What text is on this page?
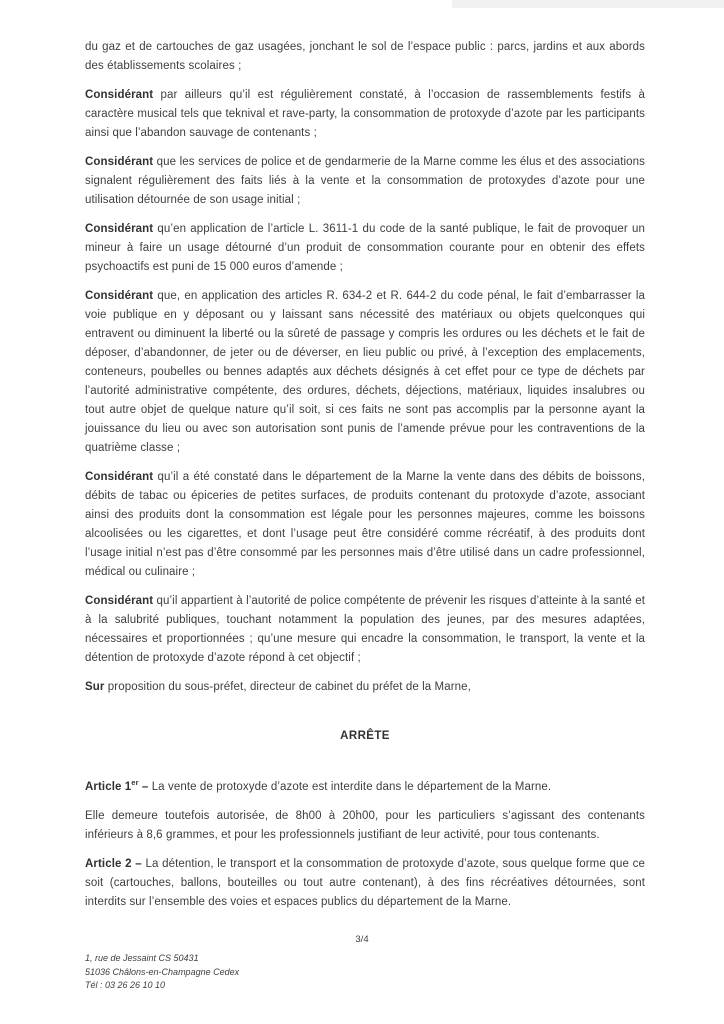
du gaz et de cartouches de gaz usagées, jonchant le sol de l’espace public : parcs, jardins et aux abords des établissements scolaires ;

Considérant par ailleurs qu’il est régulièrement constaté, à l’occasion de rassemblements festifs à caractère musical tels que teknival et rave-party, la consommation de protoxyde d’azote par les participants ainsi que l’abandon sauvage de contenants ;

Considérant que les services de police et de gendarmerie de la Marne comme les élus et des associations signalent régulièrement des faits liés à la vente et la consommation de protoxydes d’azote pour une utilisation détournée de son usage initial ;

Considérant qu’en application de l’article L. 3611-1 du code de la santé publique, le fait de provoquer un mineur à faire un usage détourné d’un produit de consommation courante pour en obtenir des effets psychoactifs est puni de 15 000 euros d’amende ;

Considérant que, en application des articles R. 634-2 et R. 644-2 du code pénal, le fait d’embarrasser la voie publique en y déposant ou y laissant sans nécessité des matériaux ou objets quelconques qui entravent ou diminuent la liberté ou la sûreté de passage y compris les ordures ou les déchets et le fait de déposer, d’abandonner, de jeter ou de déverser, en lieu public ou privé, à l’exception des emplacements, conteneurs, poubelles ou bennes adaptés aux déchets désignés à cet effet pour ce type de déchets par l’autorité administrative compétente, des ordures, déchets, déjections, matériaux, liquides insalubres ou tout autre objet de quelque nature qu’il soit, si ces faits ne sont pas accomplis par la personne ayant la jouissance du lieu ou avec son autorisation sont punis de l’amende prévue pour les contraventions de la quatrième classe ;

Considérant qu’il a été constaté dans le département de la Marne la vente dans des débits de boissons, débits de tabac ou épiceries de petites surfaces, de produits contenant du protoxyde d’azote, associant ainsi des produits dont la consommation est légale pour les personnes majeures, comme les boissons alcoolisées ou les cigarettes, et dont l’usage peut être considéré comme récréatif, à des produits dont l’usage initial n’est pas d’être consommé par les personnes mais d’être utilisé dans un cadre professionnel, médical ou culinaire ;

Considérant qu’il appartient à l’autorité de police compétente de prévenir les risques d’atteinte à la santé et à la salubrité publiques, touchant notamment la population des jeunes, par des mesures adaptées, nécessaires et proportionnées ; qu’une mesure qui encadre la consommation, le transport, la vente et la détention de protoxyde d’azote répond à cet objectif ;

Sur proposition du sous-préfet, directeur de cabinet du préfet de la Marne,

ARRÊTE

Article 1er – La vente de protoxyde d’azote est interdite dans le département de la Marne.

Elle demeure toutefois autorisée, de 8h00 à 20h00, pour les particuliers s’agissant des contenants inférieurs à 8,6 grammes, et pour les professionnels justifiant de leur activité, pour tous contenants.

Article 2 – La détention, le transport et la consommation de protoxyde d’azote, sous quelque forme que ce soit (cartouches, ballons, bouteilles ou tout autre contenant), à des fins récréatives détournées, sont interdits sur l’ensemble des voies et espaces publics du département de la Marne.

3/4
1, rue de Jessaint CS 50431
51036 Châlons-en-Champagne Cedex
Tél : 03 26 26 10 10
